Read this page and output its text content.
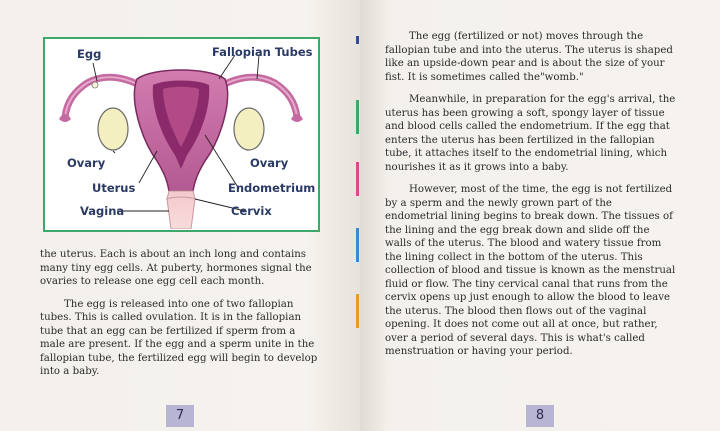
Egg	Fallopian Tubes
Ovary	Ovary
Uterus	Endometrium
Vagina	Cervix

the uterus. Each is about an inch long and contains many tiny egg cells. At puberty, hormones signal the ovaries to release one egg cell each month.

The egg is released into one of two fallopian tubes. This is called ovulation. It is in the fallopian tube that an egg can be fertilized if sperm from a male are present. If the egg and a sperm unite in the fallopian tube, the fertilized egg will begin to develop into a baby.

7

The egg (fertilized or not) moves through the fallopian tube and into the uterus. The uterus is shaped like an upside-down pear and is about the size of your fist. It is sometimes called the"womb."

Meanwhile, in preparation for the egg's arrival, the uterus has been growing a soft, spongy layer of tissue and blood cells called the endometrium. If the egg that enters the uterus has been fertilized in the fallopian tube, it attaches itself to the endometrial lining, which nourishes it as it grows into a baby.

However, most of the time, the egg is not fertilized by a sperm and the newly grown part of the endometrial lining begins to break down. The tissues of the lining and the egg break down and slide off the walls of the uterus. The blood and watery tissue from the lining collect in the bottom of the uterus. This collection of blood and tissue is known as the menstrual fluid or flow. The tiny cervical canal that runs from the cervix opens up just enough to allow the blood to leave the uterus. The blood then flows out of the vaginal opening. It does not come out all at once, but rather, over a period of several days. This is what's called menstruation or having your period.

8
